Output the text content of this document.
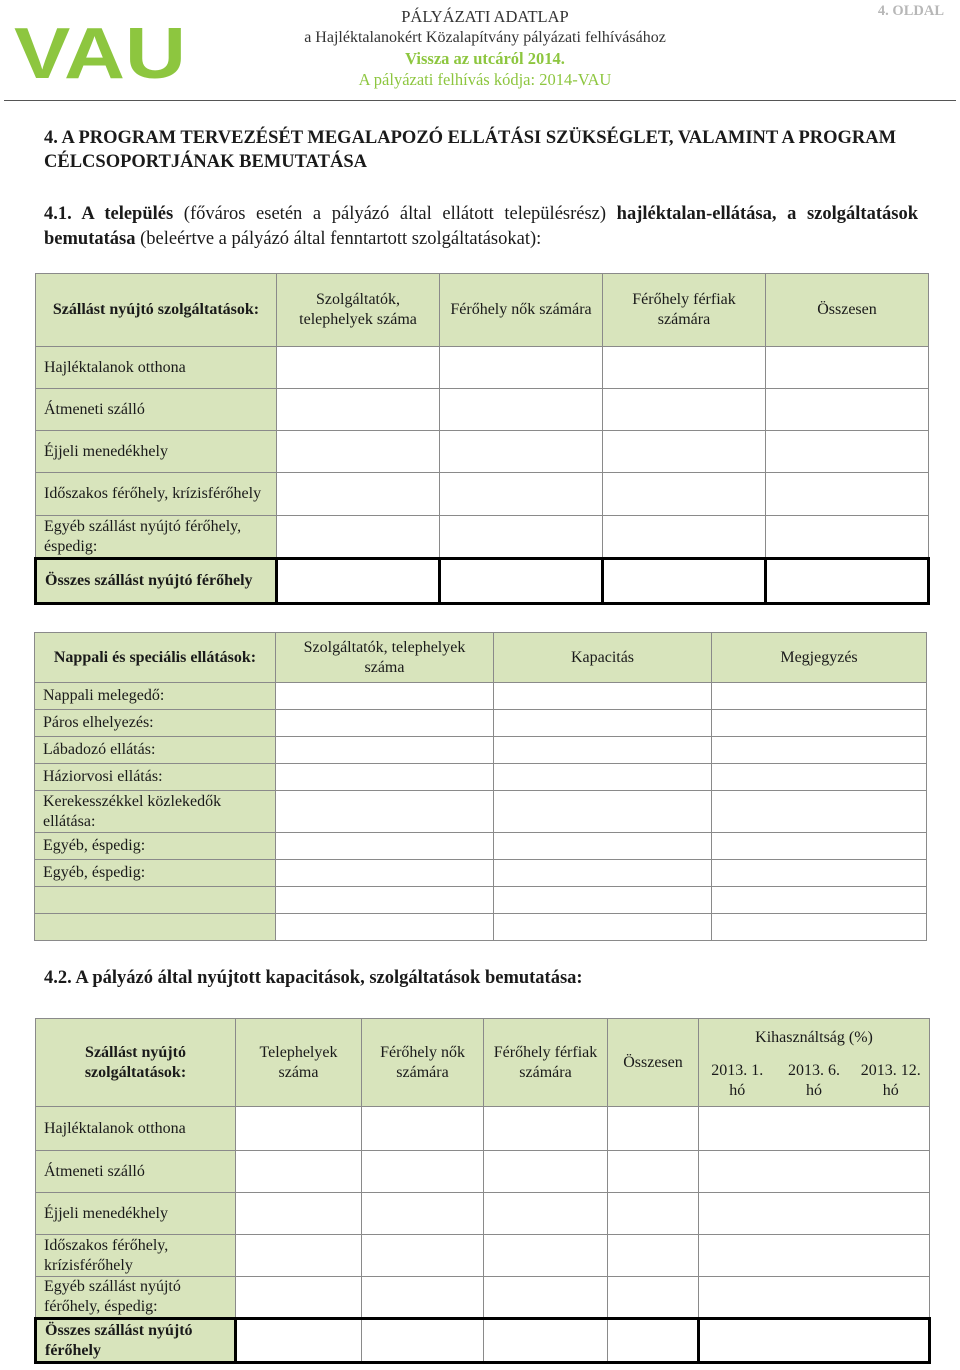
VAU	PÁLYÁZATI ADATLAP
a Hajléktalanokért Közalapítvány pályázati felhívásához
Vissza az utcáról 2014.
A pályázati felhívás kódja: 2014-VAU
4. OLDAL
4. A PROGRAM TERVEZÉSÉT MEGALAPOZÓ ELLÁTÁSI SZÜKSÉGLET, VALAMINT A PROGRAM CÉLCSOPORTJÁNAK BEMUTATÁSA
4.1. A település (főváros esetén a pályázó által ellátott településrész) hajléktalan-ellátása, a szolgáltatások bemutatása (beleértve a pályázó által fenntartott szolgáltatásokat):
Szállást nyújtó szolgáltatások:	Szolgáltatók, telephelyek száma	Férőhely nők számára	Férőhely férfiak számára	Összesen
Hajléktalanok otthona				
Átmeneti szálló				
Éjjeli menedékhely				
Időszakos férőhely, krízisférőhely				
Egyéb szállást nyújtó férőhely, éspedig:				
Összes szállást nyújtó férőhely				
Nappali és speciális ellátások:	Szolgáltatók, telephelyek száma	Kapacitás	Megjegyzés
Nappali melegedő:			
Páros elhelyezés:			
Lábadozó ellátás:			
Háziorvosi ellátás:			
Kerekesszékkel közlekedők ellátása:			
Egyéb, éspedig:			
Egyéb, éspedig:			

4.2. A pályázó által nyújtott kapacitások, szolgáltatások bemutatása:
Szállást nyújtó szolgáltatások:	Telephelyek száma	Férőhely nők számára	Férőhely férfiak számára	Összesen	Kihasználtság (%)		
					2013. 1. hó	2013. 6. hó	2013. 12. hó
Hajléktalanok otthona							
Átmeneti szálló							
Éjjeli menedékhely							
Időszakos férőhely, krízisférőhely							
Egyéb szállást nyújtó férőhely, éspedig:							
Összes szállást nyújtó férőhely							
